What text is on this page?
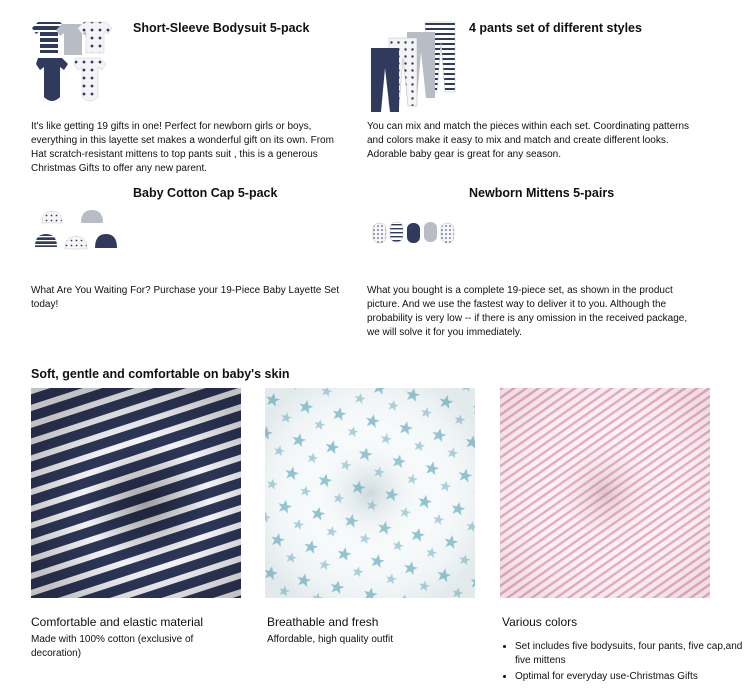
Short-Sleeve Bodysuit 5-pack
It's like getting 19 gifts in one! Perfect for newborn girls or boys, everything in this layette set makes a wonderful gift on its own. From Hat scratch-resistant mittens to top pants suit , this is a generous Christmas Gifts to offer any new parent.
4 pants set of different styles
You can mix and match the pieces within each set. Coordinating patterns and colors make it easy to mix and match and create different looks. Adorable baby gear is great for any season.
Baby Cotton Cap 5-pack
What Are You Waiting For? Purchase your 19-Piece Baby Layette Set today!
Newborn Mittens 5-pairs
What you bought is a complete 19-piece set, as shown in the product picture. And we use the fastest way to deliver it to you. Although the probability is very low -- if there is any omission in the received package, we will solve it for you immediately.
Soft, gentle and comfortable on baby's skin
Comfortable and elastic material
Made with 100% cotton (exclusive of decoration)
Breathable and fresh
Affordable, high quality outfit
Various colors
• Set includes five bodysuits, four pants, five cap,and five mittens
• Optimal for everyday use-Christmas Gifts
